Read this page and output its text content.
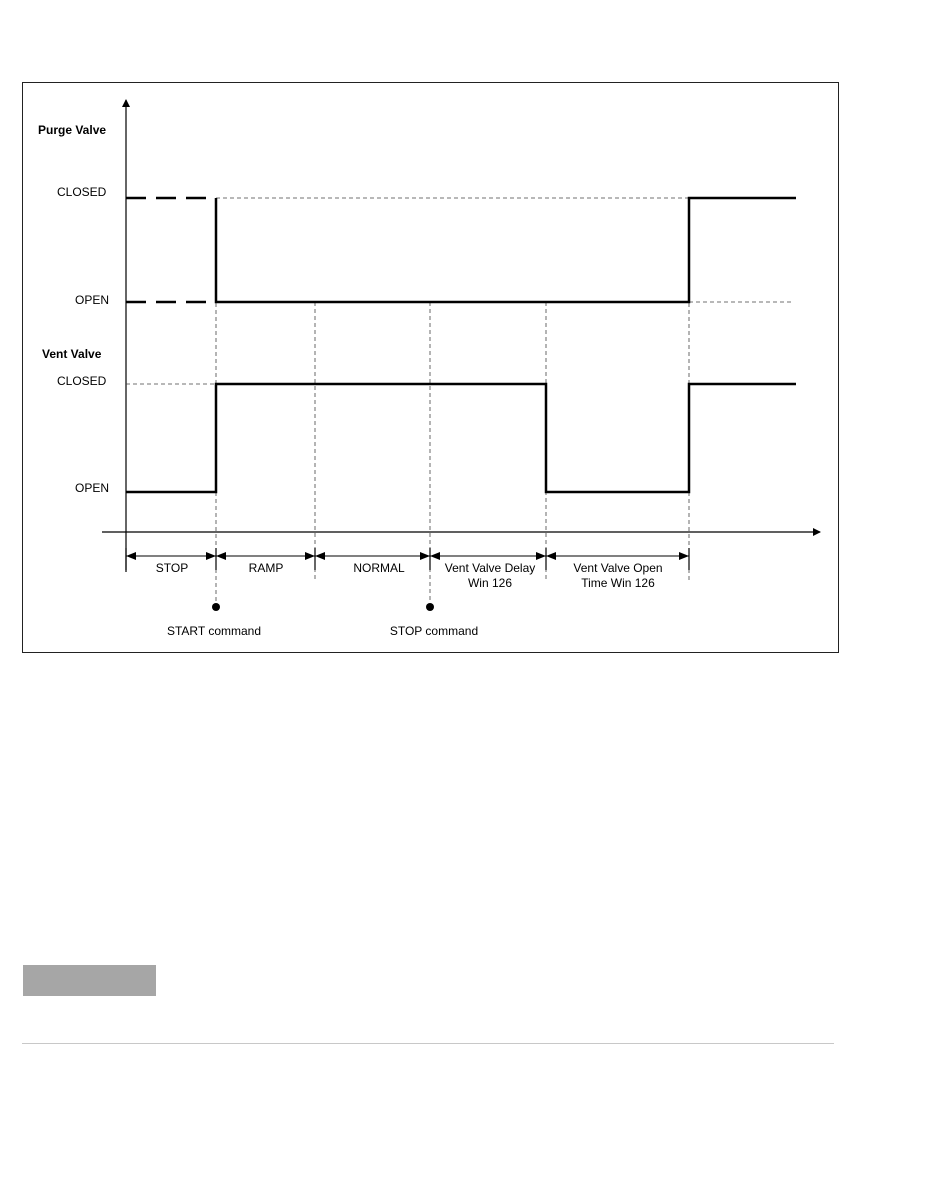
Purge Valve
CLOSED
OPEN
Vent Valve
CLOSED
OPEN
STOP	RAMP	NORMAL	Vent Valve Delay
Win 126
Vent Valve Open
Time Win 126
START command	STOP command
